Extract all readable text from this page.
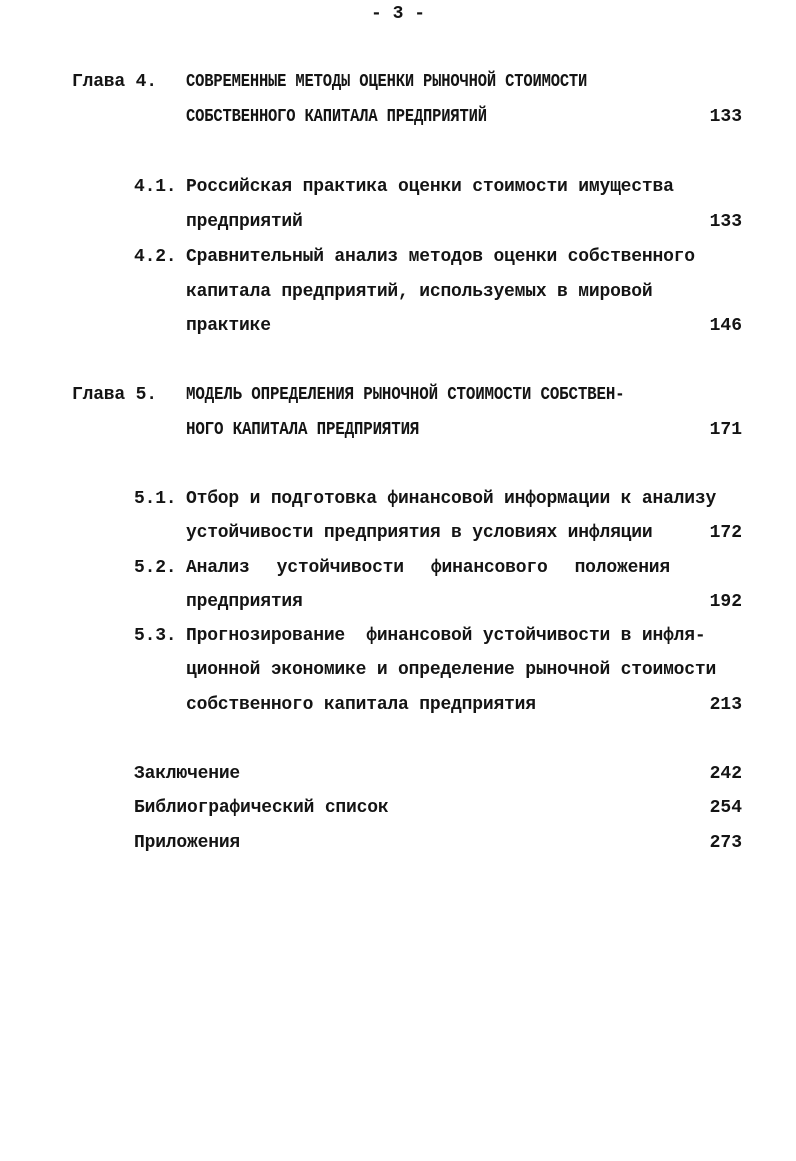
- 3 -
Глава 4. СОВРЕМЕННЫЕ МЕТОДЫ ОЦЕНКИ РЫНОЧНОЙ СТОИМОСТИ
СОБСТВЕННОГО КАПИТАЛА ПРЕДПРИЯТИЙ	133
4.1. Российская практика оценки стоимости имущества
предприятий	133
4.2. Сравнительный анализ методов оценки собственного
капитала предприятий, используемых в мировой
практике	146
Глава 5. МОДЕЛЬ ОПРЕДЕЛЕНИЯ РЫНОЧНОЙ СТОИМОСТИ СОБСТВЕН-
НОГО КАПИТАЛА ПРЕДПРИЯТИЯ	171
5.1. Отбор и подготовка финансовой информации к анализу
устойчивости предприятия в условиях инфляции	172
5.2. Анализ устойчивости финансового положения
предприятия	192
5.3. Прогнозирование  финансовой устойчивости в инфля-
ционной экономике и определение рыночной стоимости
собственного капитала предприятия	213
Заключение	242
Библиографический список	254
Приложения	273
